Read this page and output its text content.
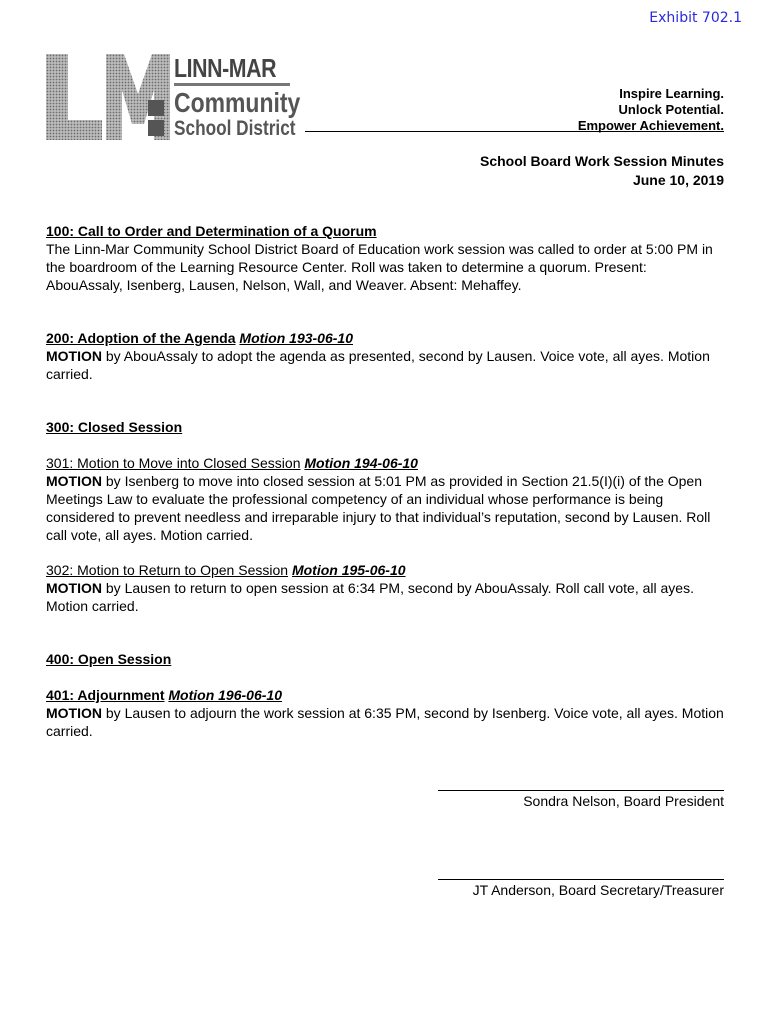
Exhibit 702.1
LINN-MAR
Community
School District
Inspire Learning.
Unlock Potential.
Empower Achievement.
School Board Work Session Minutes
June 10, 2019

100: Call to Order and Determination of a Quorum

The Linn-Mar Community School District Board of Education work session was called to order at 5:00 PM in the boardroom of the Learning Resource Center. Roll was taken to determine a quorum. Present: AbouAssaly, Isenberg, Lausen, Nelson, Wall, and Weaver. Absent: Mehaffey.

200: Adoption of the Agenda Motion 193-06-10

MOTION by AbouAssaly to adopt the agenda as presented, second by Lausen. Voice vote, all ayes. Motion carried.

300: Closed Session

301: Motion to Move into Closed Session Motion 194-06-10

MOTION by Isenberg to move into closed session at 5:01 PM as provided in Section 21.5(I)(i) of the Open Meetings Law to evaluate the professional competency of an individual whose performance is being considered to prevent needless and irreparable injury to that individual’s reputation, second by Lausen. Roll call vote, all ayes. Motion carried.

302: Motion to Return to Open Session Motion 195-06-10

MOTION by Lausen to return to open session at 6:34 PM, second by AbouAssaly. Roll call vote, all ayes. Motion carried.

400: Open Session

401: Adjournment Motion 196-06-10

MOTION by Lausen to adjourn the work session at 6:35 PM, second by Isenberg. Voice vote, all ayes. Motion carried.

Sondra Nelson, Board President
JT Anderson, Board Secretary/Treasurer
